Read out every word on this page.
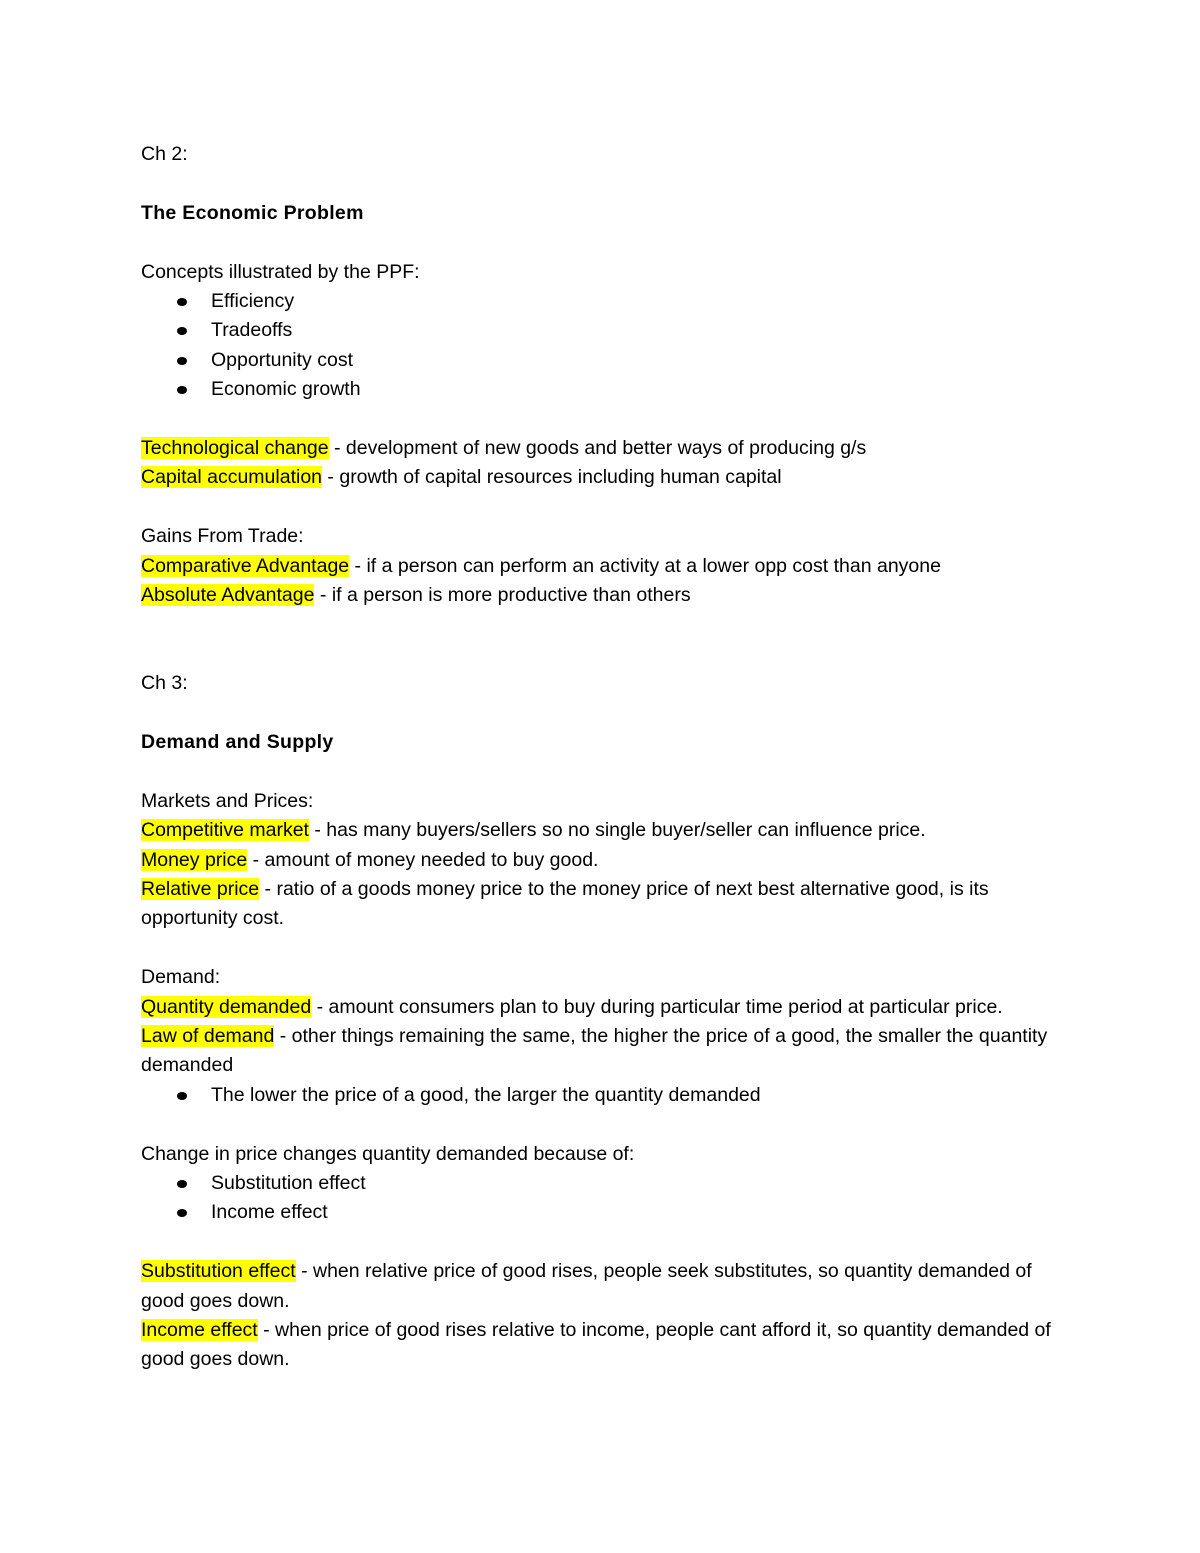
Ch 2:

The Economic Problem

Concepts illustrated by the PPF:

Efficiency
Tradeoffs
Opportunity cost
Economic growth

Technological change - development of new goods and better ways of producing g/s

Capital accumulation - growth of capital resources including human capital

Gains From Trade:

Comparative Advantage - if a person can perform an activity at a lower opp cost than anyone

Absolute Advantage - if a person is more productive than others

Ch 3:

Demand and Supply

Markets and Prices:

Competitive market - has many buyers/sellers so no single buyer/seller can influence price.

Money price - amount of money needed to buy good.

Relative price - ratio of a goods money price to the money price of next best alternative good, is its opportunity cost.

Demand:

Quantity demanded - amount consumers plan to buy during particular time period at particular price.

Law of demand - other things remaining the same, the higher the price of a good, the smaller the quantity demanded

The lower the price of a good, the larger the quantity demanded

Change in price changes quantity demanded because of:

Substitution effect
Income effect

Substitution effect - when relative price of good rises, people seek substitutes, so quantity demanded of good goes down.

Income effect - when price of good rises relative to income, people cant afford it, so quantity demanded of good goes down.
